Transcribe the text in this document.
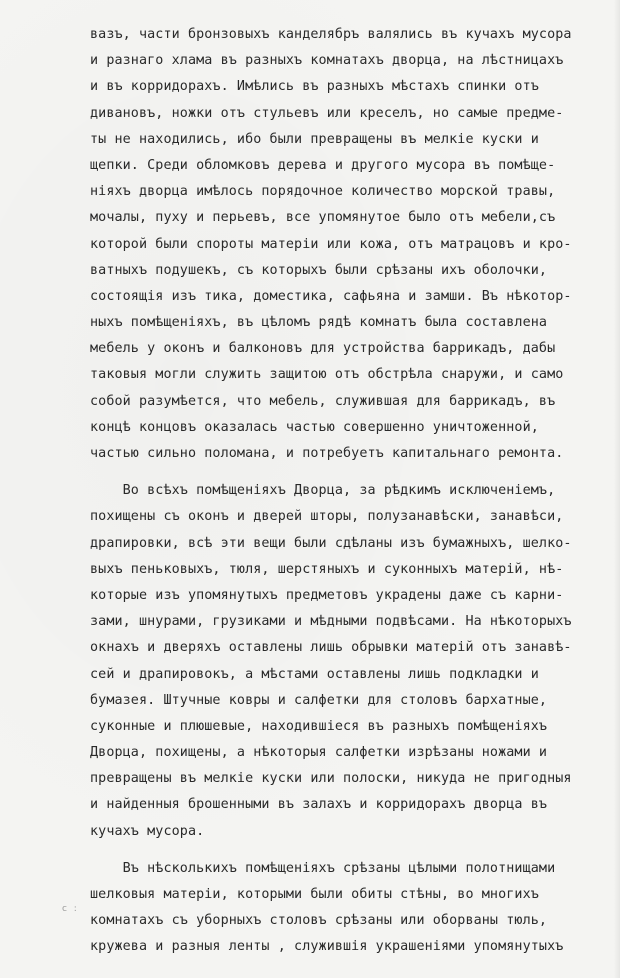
вазъ, части бронзовыхъ канделябръ валялись въ кучахъ мусора
и разнаго хлама въ разныхъ комнатахъ дворца, на лѣстницахъ
и въ корридорахъ. Имѣлись въ разныхъ мѣстахъ спинки отъ
дивановъ, ножки отъ стульевъ или креселъ, но самые предме-
ты не находились, ибо были превращены въ мелкіе куски и
щепки. Среди обломковъ дерева и другого мусора въ помѣще-
ніяхъ дворца имѣлось порядочное количество морской травы,
мочалы, пуху и перьевъ, все упомянутое было отъ мебели,съ
которой были спороты матеріи или кожа, отъ матрацовъ и кро-
ватныхъ подушекъ, съ которыхъ были срѣзаны ихъ оболочки,
состоящія изъ тика, доместика, сафьяна и замши. Въ нѣкотор-
ныхъ помѣщеніяхъ, въ цѣломъ рядѣ комнатъ была составлена
мебель у оконъ и балконовъ для устройства баррикадъ, дабы
таковыя могли служить защитою отъ обстрѣла снаружи, и само
собой разумѣется, что мебель, служившая для баррикадъ, въ
концѣ концовъ оказалась частью совершенно уничтоженной,
частью сильно поломана, и потребуетъ капитальнаго ремонта.
Во всѣхъ помѣщеніяхъ Дворца, за рѣдкимъ исключеніемъ,
похищены съ оконъ и дверей шторы, полузанавѣски, занавѣси,
драпировки, всѣ эти вещи были сдѣланы изъ бумажныхъ, шелко-
выхъ пеньковыхъ, тюля, шерстяныхъ и суконныхъ матерій, нѣ-
которые изъ упомянутыхъ предметовъ украдены даже съ карни-
зами, шнурами, грузиками и мѣдными подвѣсами. На нѣкоторыхъ
окнахъ и дверяхъ оставлены лишь обрывки матерій отъ занавѣ-
сей и драпировокъ, а мѣстами оставлены лишь подкладки и
бумазея. Штучные ковры и салфетки для столовъ бархатные,
суконные и плюшевые, находившіеся въ разныхъ помѣщеніяхъ
Дворца, похищены, а нѣкоторыя салфетки изрѣзаны ножами и
превращены въ мелкіе куски или полоски, никуда не пригодныя
и найденныя брошенными въ залахъ и корридорахъ дворца въ
кучахъ мусора.
Въ нѣсколькихъ помѣщеніяхъ срѣзаны цѣлыми полотнищами
шелковыя матеріи, которыми были обиты стѣны, во многихъ
комнатахъ съ уборныхъ столовъ срѣзаны или оборваны тюль,
кружева и разныя ленты , служившія украшеніями упомянутыхъ
с :
